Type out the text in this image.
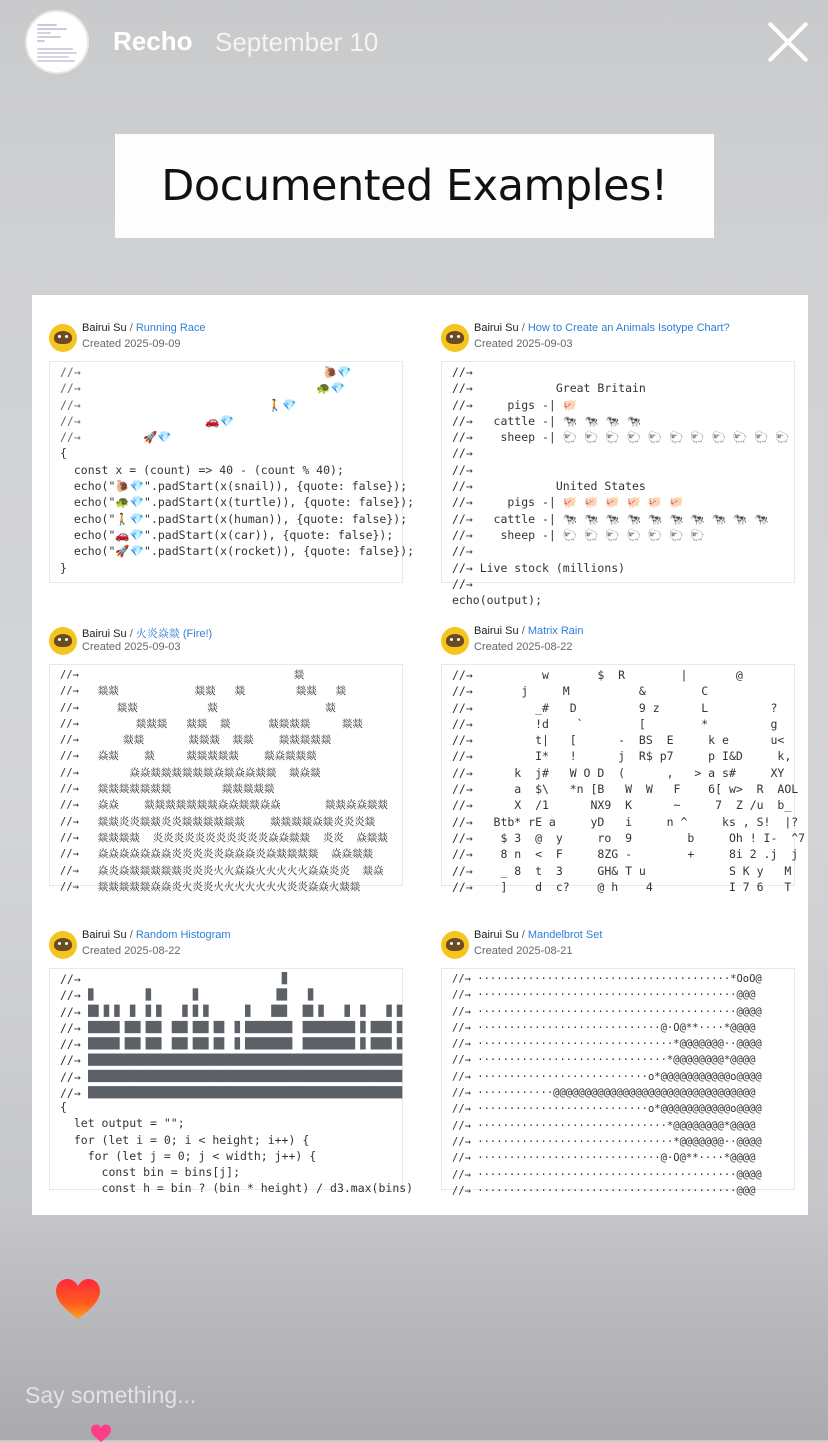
Recho September 10
Documented Examples!
Bairui Su / Running Race
Created 2025-09-09
//→                                   🐌💎
//→                                  🐢💎
//→                           🚶💎
//→                  🚗💎
//→         🚀💎
{
const x = (count) => 40 - (count % 40);
echo("🐌💎".padStart(x(snail)), {quote: false});
echo("🐢💎".padStart(x(turtle)), {quote: false});
echo("🚶💎".padStart(x(human)), {quote: false});
echo("🚗💎".padStart(x(car)), {quote: false});
echo("🚀💎".padStart(x(rocket)), {quote: false});
}
Bairui Su / How to Create an Animals Isotype Chart?
Created 2025-09-03
//→
//→            Great Britain
//→     pigs -| 🐖
//→   cattle -| 🐄 🐄 🐄 🐄
//→    sheep -| 🐑 🐑 🐑 🐑 🐑 🐑 🐑 🐑 🐑 🐑 🐑
//→
//→
//→            United States
//→     pigs -| 🐖 🐖 🐖 🐖 🐖 🐖
//→   cattle -| 🐄 🐄 🐄 🐄 🐄 🐄 🐄 🐄 🐄 🐄
//→    sheep -| 🐑 🐑 🐑 🐑 🐑 🐑 🐑
//→
//→ Live stock (millions)
//→
echo(output);
Bairui Su / 火炎焱燚 (Fire!)
Created 2025-09-03
//→                                  燚
//→   燚燚            燚燚   燚        燚燚   燚
//→      燚燚           燚                 燚
//→         燚燚燚   燚燚  燚      燚燚燚燚     燚燚
//→       燚燚       燚燚燚  燚燚    燚燚燚燚燚
//→   焱燚    燚     燚燚燚燚燚    燚焱燚燚燚
//→        焱焱燚燚燚燚燚燚焱燚焱焱燚燚  燚焱燚
//→   燚燚燚燚燚燚燚        燚燚燚燚燚
//→   焱焱    燚燚燚燚燚燚燚焱焱燚燚焱焱       燚燚焱焱燚燚
//→   燚燚炎炎燚燚炎炎燚燚燚燚燚燚    燚燚燚燚焱燚炎炎炎燚
//→   燚燚燚燚  炎炎炎炎炎炎炎炎炎炎炎焱焱燚燚  炎炎  焱燚燚
//→   焱焱焱焱焱焱焱炎炎炎炎炎焱焱焱炎焱燚燚燚燚  焱焱燚燚
//→   焱炎焱燚燚燚燚燚炎炎炎火火焱焱火火火火火焱焱炎炎  燚焱
//→   燚燚燚燚燚焱焱炎火炎炎火火火火火火火炎炎焱焱火燚燚
Bairui Su / Matrix Rain
Created 2025-08-22
//→          w       $  R        |       @
//→       j     M          &        C
//→         _#   D         9 z      L         ?
//→         !d    `        [        *         g
//→         t|   [      -  BS  E     k e      u<
//→         I*   !      j  R$ p7     p I&D     k,
//→      k  j#   W O D  (      ,   > a s#     XY
//→      a  $\   *n [B   W  W   F    6[ w>  R  AOL
//→      X  /1      NX9  K      ~     7  Z /u  b_
//→   Btb* rE a     yD   i     n ^     ks , S!  |?
//→    $ 3  @  y     ro  9        b     Oh ! I-  ^7
//→    8 n  <  F     8ZG -        +     8i 2 .j  j
//→    _ 8  t  3     GH& T u            S K y   M
//→    ]    d  c?    @ h    4           I 7 6   T
Bairui Su / Random Histogram
Created 2025-08-22
//→
//→
//→
//→
//→
//→
//→
//→
{
let output = "";
for (let i = 0; i < height; i++) {
for (let j = 0; j < width; j++) {
const bin = bins[j];
const h = bin ? (bin * height) / d3.max(bins)
Bairui Su / Mandelbrot Set
Created 2025-08-21
//→ ········································*OoO@
//→ ·········································@@@
//→ ·········································@@@@
//→ ·····························@·O@**····*@@@@
//→ ·······························*@@@@@@@··@@@@
//→ ······························*@@@@@@@@*@@@@
//→ ···························o*@@@@@@@@@@@o@@@@
//→ ············@@@@@@@@@@@@@@@@@@@@@@@@@@@@@@@@
//→ ···························o*@@@@@@@@@@@o@@@@
//→ ······························*@@@@@@@@*@@@@
//→ ·······························*@@@@@@@··@@@@
//→ ·····························@·O@**····*@@@@
//→ ·········································@@@@
//→ ·········································@@@
Say something...
